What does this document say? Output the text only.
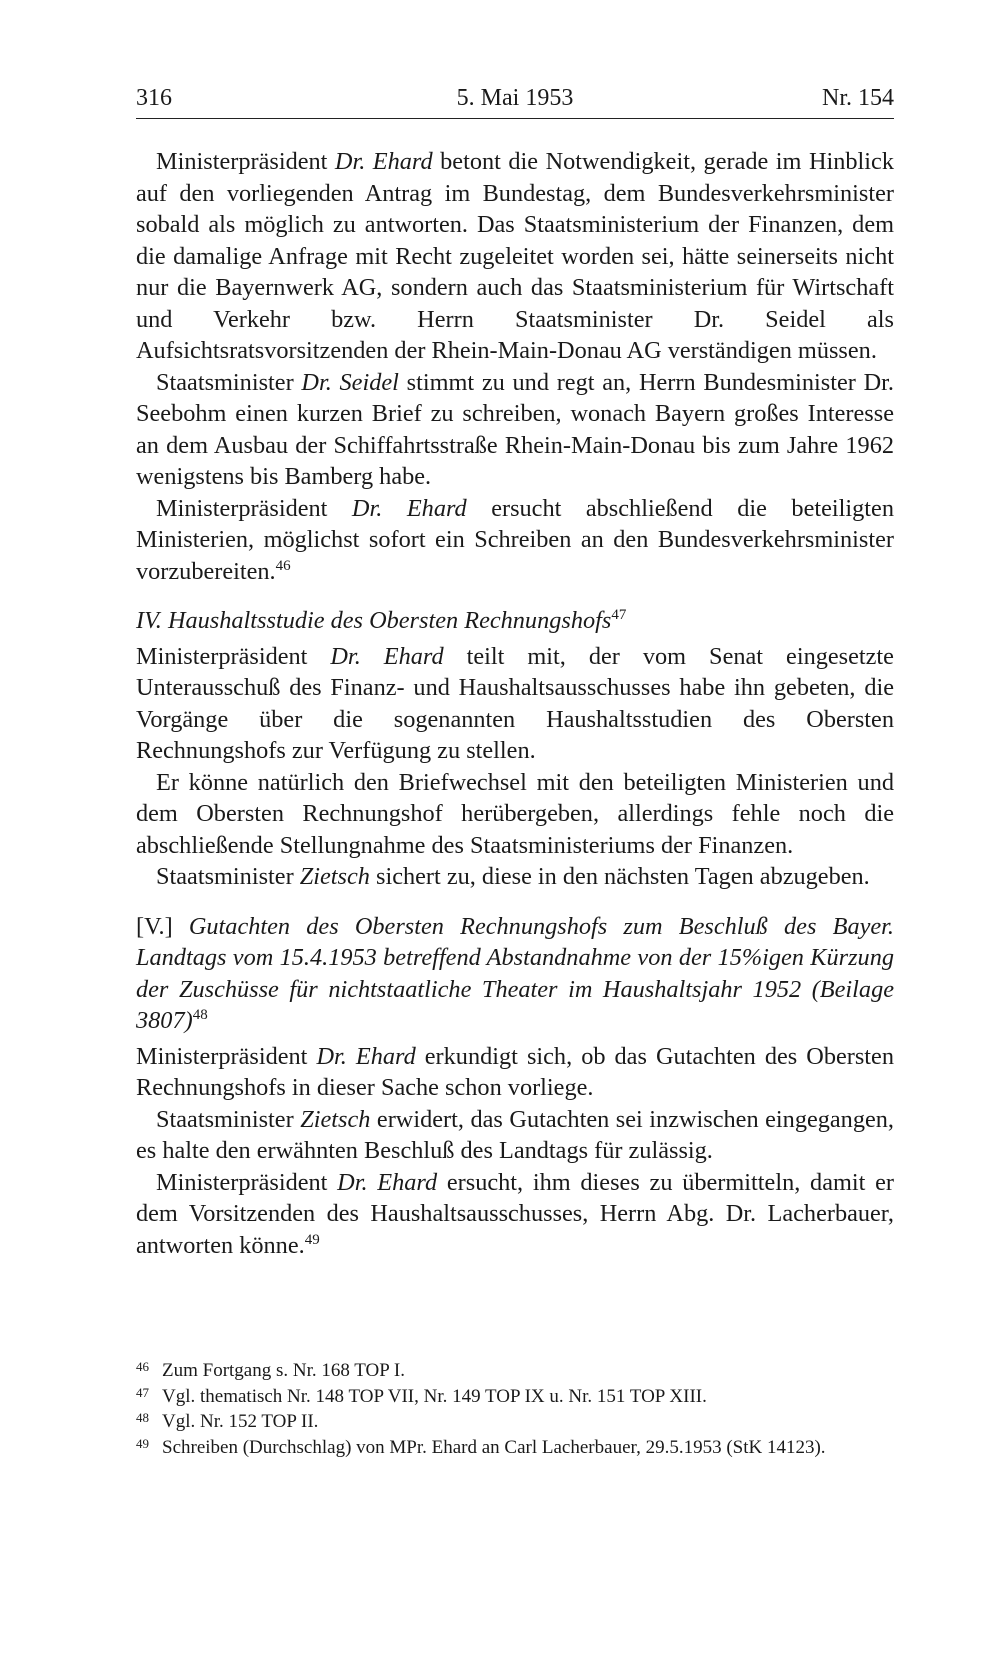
5. Mai 1953
316	Nr. 154

Ministerpräsident Dr. Ehard betont die Notwendigkeit, gerade im Hinblick auf den vorliegenden Antrag im Bundestag, dem Bundesverkehrsminister sobald als möglich zu antworten. Das Staatsministerium der Finanzen, dem die damalige Anfrage mit Recht zugeleitet worden sei, hätte seinerseits nicht nur die Bayernwerk AG, sondern auch das Staatsministerium für Wirtschaft und Verkehr bzw. Herrn Staatsminister Dr. Seidel als Aufsichtsratsvorsitzenden der Rhein-Main-Donau AG verständigen müssen.

Staatsminister Dr. Seidel stimmt zu und regt an, Herrn Bundesminister Dr. Seebohm einen kurzen Brief zu schreiben, wonach Bayern großes Interesse an dem Ausbau der Schiffahrtsstraße Rhein-Main-Donau bis zum Jahre 1962 wenigstens bis Bamberg habe.

Ministerpräsident Dr. Ehard ersucht abschließend die beteiligten Ministerien, möglichst sofort ein Schreiben an den Bundesverkehrsminister vorzubereiten.$^{46}$

IV. Haushaltsstudie des Obersten Rechnungshofs$^{47}$

Ministerpräsident Dr. Ehard teilt mit, der vom Senat eingesetzte Unterausschuß des Finanz- und Haushaltsausschusses habe ihn gebeten, die Vorgänge über die sogenannten Haushaltsstudien des Obersten Rechnungshofs zur Verfügung zu stellen.

Er könne natürlich den Briefwechsel mit den beteiligten Ministerien und dem Obersten Rechnungshof herübergeben, allerdings fehle noch die abschließende Stellungnahme des Staatsministeriums der Finanzen.

Staatsminister Zietsch sichert zu, diese in den nächsten Tagen abzugeben.

[V.] Gutachten des Obersten Rechnungshofs zum Beschluß des Bayer. Landtags vom 15.4.1953 betreffend Abstandnahme von der 15%igen Kürzung der Zuschüsse für nichtstaatliche Theater im Haushaltsjahr 1952 (Beilage 3807)$^{48}$

Ministerpräsident Dr. Ehard erkundigt sich, ob das Gutachten des Obersten Rechnungshofs in dieser Sache schon vorliege.

Staatsminister Zietsch erwidert, das Gutachten sei inzwischen eingegangen, es halte den erwähnten Beschluß des Landtags für zulässig.

Ministerpräsident Dr. Ehard ersucht, ihm dieses zu übermitteln, damit er dem Vorsitzenden des Haushaltsausschusses, Herrn Abg. Dr. Lacherbauer, antworten könne.$^{49}$

46 Zum Fortgang s. Nr. 168 TOP I.
47 Vgl. thematisch Nr. 148 TOP VII, Nr. 149 TOP IX u. Nr. 151 TOP XIII.
48 Vgl. Nr. 152 TOP II.
49 Schreiben (Durchschlag) von MPr. Ehard an Carl Lacherbauer, 29.5.1953 (StK 14123).
